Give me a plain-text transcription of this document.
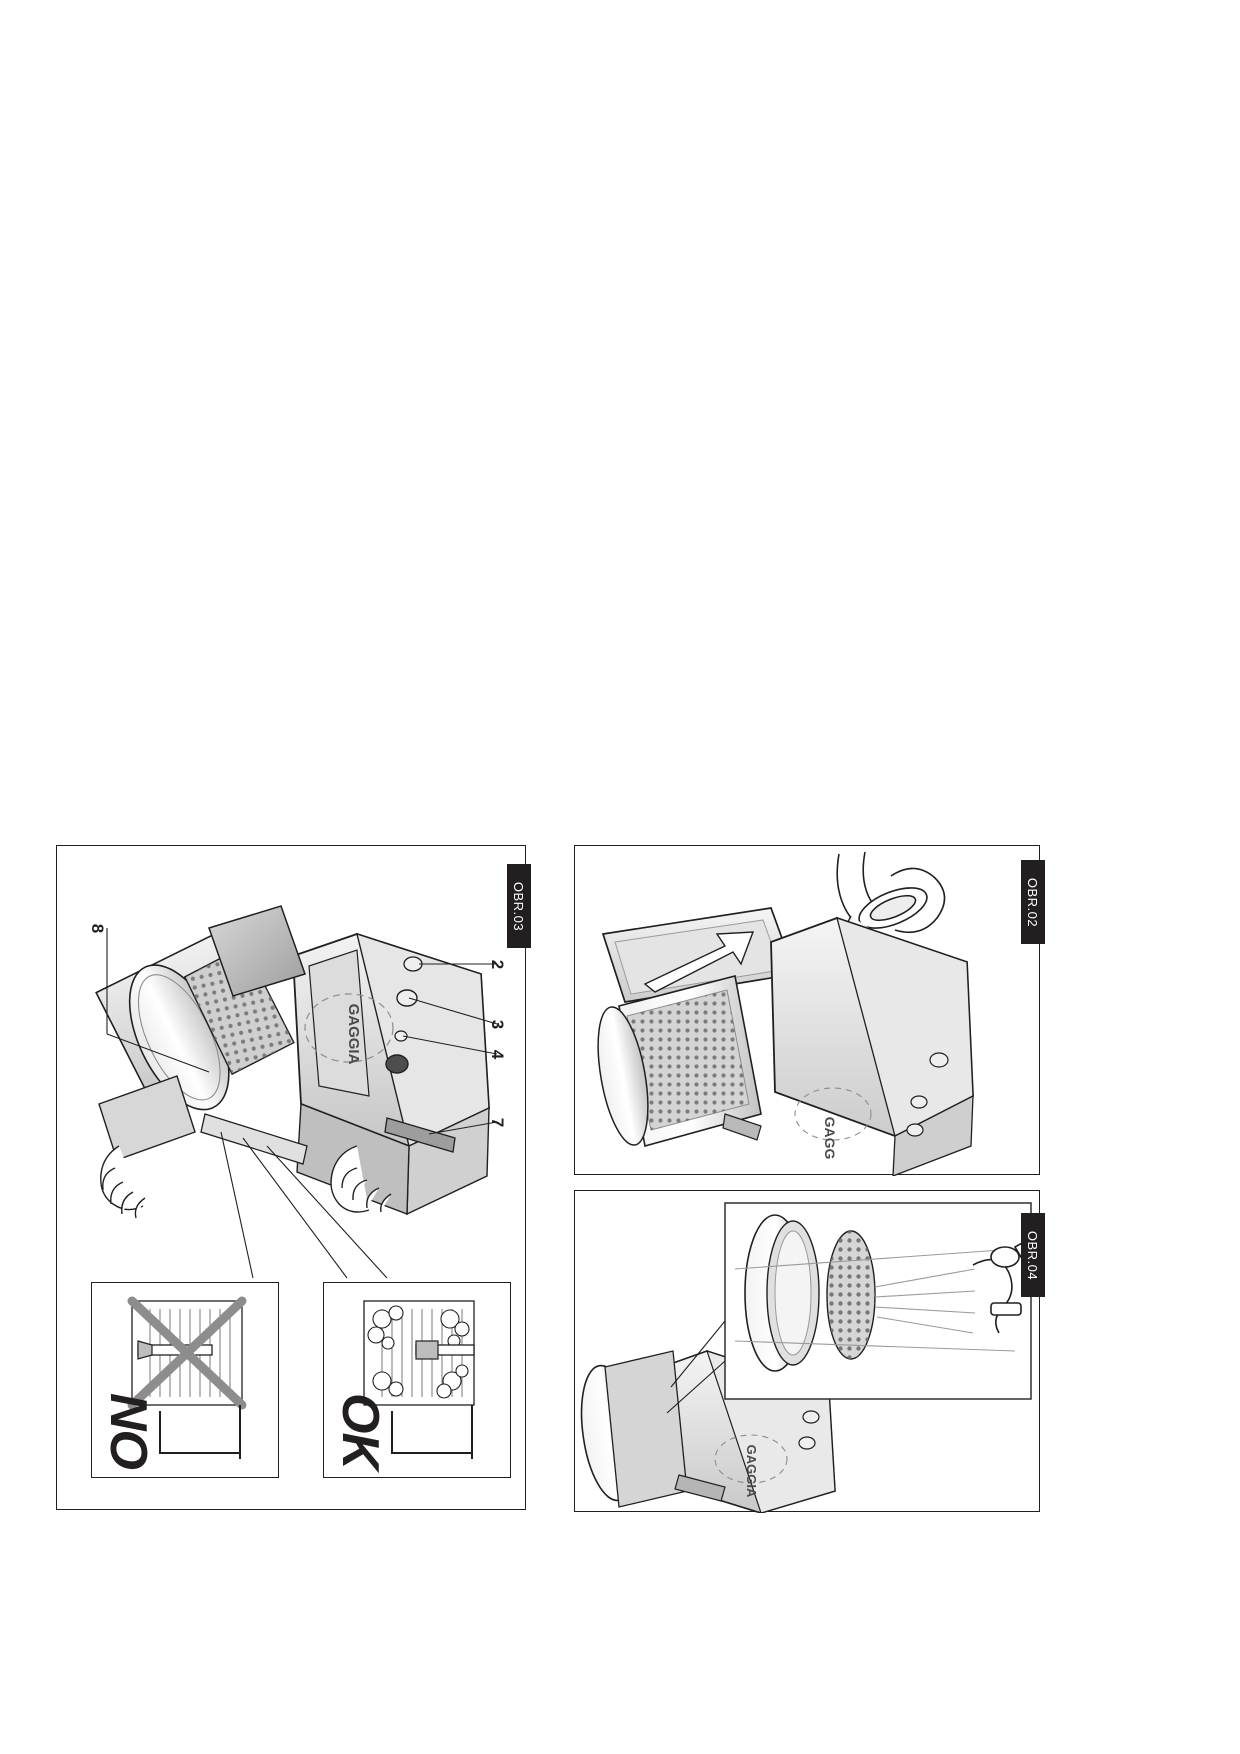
GAGGIA
OBR.03
8
2
3
4
7
NO	OK
GAGG
OBR.02
GAGGIA
OBR.04
